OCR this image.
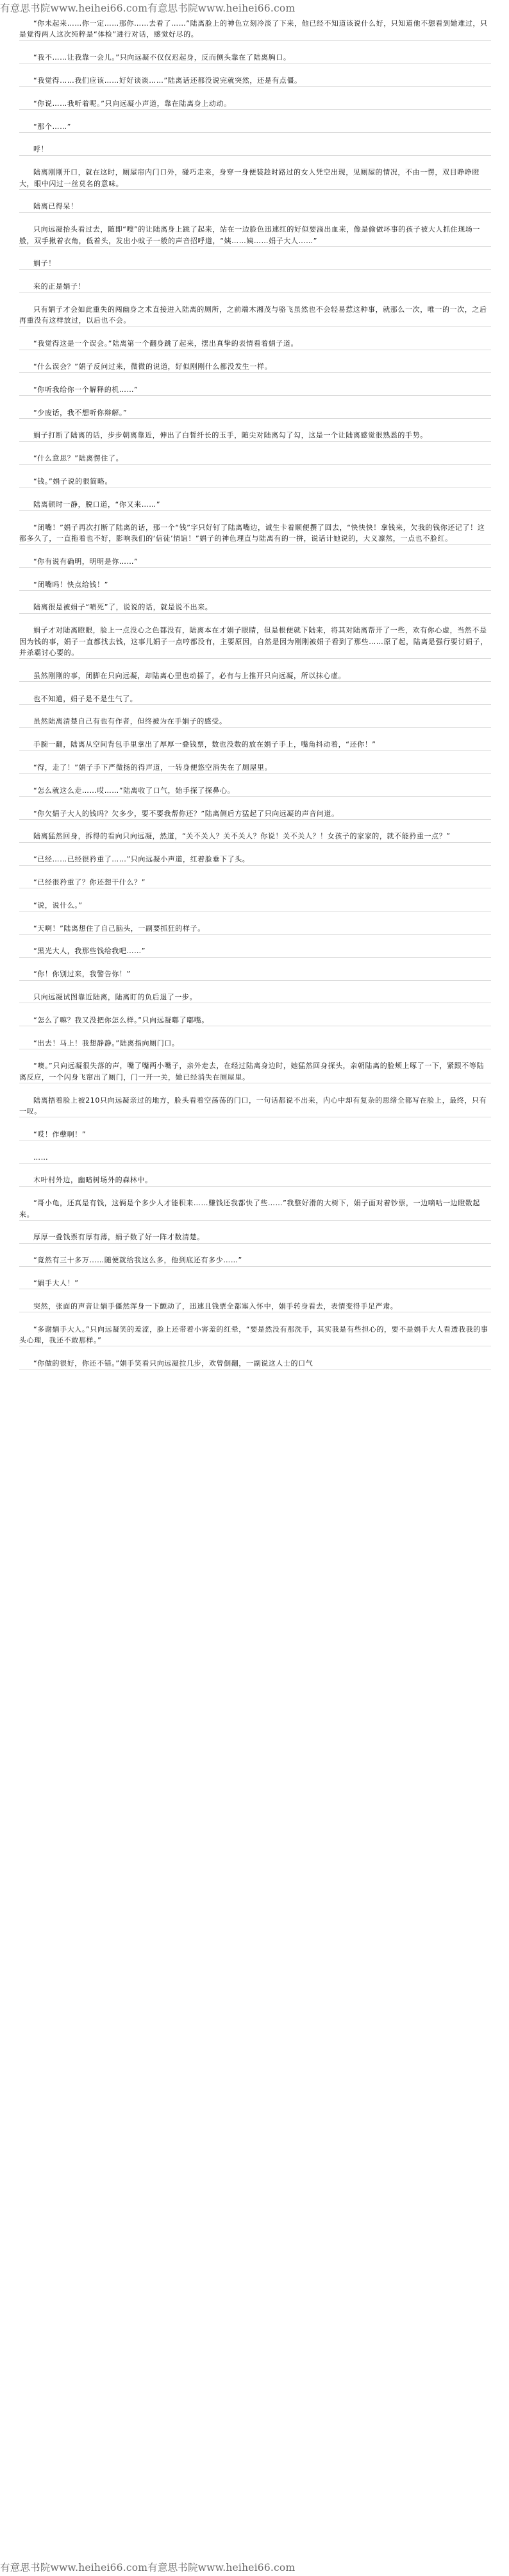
有意思书院www.heihei66.com有意思书院www.heihei66.com
“你未起来……你一定……那你……去看了……”陆离脸上的神色立刻冷淡了下来，他已经不知道该说什么好，只知道他不想看到她难过，只是觉得两人这次纯粹是“体检”进行对话，感觉好尽的。
“我不……让我靠一会儿。”只向远凝不仅仅迟起身，反而侧头靠在了陆离胸口。
“我觉得……我们应该……好好谈谈……”陆离话还都没说完就突然，还是有点僵。
“你说……我听着呢。”只向远凝小声道，靠在陆离身上动动。
“那个……”
呼！
陆离刚刚开口，就在这时，厕屋帘内门口外，碰巧走来，身穿一身便装趁时路过的女人凭空出现，见厕屋的情况，不由一愣，双目睁睁瞪大，眼中闪过一丝莫名的意味。
陆离已得呆！
只向远凝抬头看过去，随即“嗖”的让陆离身上跳了起来，站在一边脸色迅速红的好似要滴出血来，像是偷做坏事的孩子被大人抓住现场一般，双手揪着衣角，低着头，发出小蚊子一般的声音招呼道，“姨……姨……娟子大人……”
娟子！
来的正是娟子！
只有娟子才会如此重失的闯幽身之术直接进入陆离的厕所，之前端木湘茂与骆飞虽然也不会轻易惹这种事，就那么一次，唯一的一次，之后再重没有这样放过，以后也不会。
“我觉得这是一个误会。”陆离第一个翻身跳了起来，摆出真挚的表情看着娟子道。
“什么误会？”娟子反问过来，微微的说道，好似刚刚什么都没发生一样。
“你听我给你一个解释的机……”
“少废话，我不想听你辩解。”
娟子打断了陆离的话，步步朝离靠近，伸出了白皙纤长的玉手，随尖对陆离勾了勾，这是一个让陆离感觉很熟悉的手势。
“什么意思？”陆离愣住了。
“钱。”娟子说的很简略。
陆离顿时一静，脱口道，“你又来……”
“闭嘴！”娟子再次打断了陆离的话，那一个“钱”字只好钉了陆离嘴边，诚生卡着顺便撰了回去，“快快快！拿钱来，欠我的钱你还记了！这都多久了，一直拖着也不好，影响我们的‘信徒’情谊！”娟子的神色理直与陆离有的一拼，说话计她说的，大义凛然，一点也不脸红。
“你有说有确明，明明是你……”
“闭嘴吗！快点给钱！”
陆离很是被娟子“喷死”了，说说的话，就是说不出来。
娟子才对陆离瞪眼，脸上一点没心之色都没有，陆离本在才娟子眼睛，但是根便就下陆来，将其对陆离帮开了一些，欢有你心虚，当然不是因为钱的事，娟子一直都找去钱，这事儿娟子一点哼都没有，主要原因，自然是因为刚刚被娟子看到了那些……原了起，陆离是强行要讨娟子，并杀霸讨心要的。
虽然刚刚的事，闭脚在只向远凝，却陆离心里也动摇了，必有与上推开只向远凝，所以抹心虚。
也不知道，娟子是不是生气了。
虽然陆离清楚自己有也有作者，但终被为在手娟子的感受。
手腕一翻，陆离从空间背包手里拿出了厚厚一叠钱票，数也没数的放在娟子手上，嘴角抖动着，“还你！”
“得，走了！”娟子手下严微扬的得声道，一转身便悠空消失在了厕屋里。
“怎么就这么走……哎……”陆离收了口气，始手探了探鼻心。
“你欠娟子大人的钱吗？欠多少，要不要我帮你还？”陆离侧后方猛起了只向远凝的声音问道。
陆离猛然回身，拆得的看向只向远凝，然道，“关不关人？关不关人？你说！关不关人？！女孩子的家家的，就不能矜重一点？”
“已经……已经很矜重了……”只向远凝小声道，红着脸垂下了头。
“已经很矜重了？你还想干什么？”
“说，说什么。”
“天啊！”陆离想住了自己脑头，一副要抓狂的样子。
“黑光大人，我那些钱给我吧……”
“你！你别过来，我警告你！”
只向远凝试图靠近陆离，陆离盯的负后退了一步。
“怎么了嘛？我又没把你怎么样。”只向远凝嘟了嘟嘴。
“出去！马上！我想静静。”陆离指向厕门口。
“噢。”只向远凝很失落的声，嘴了嘴两小嘴子，亲外走去，在经过陆离身边时，她猛然回身探头，亲朝陆离的脸颊上啄了一下，紧跟不等陆离反应，一个闪身飞窜出了厕门，门一开一关，她已经消失在厕屋里。
陆离捂着脸上被210只向远凝亲过的地方，脸头看着空荡荡的门口，一句话都说不出来，内心中却有复杂的思绪全都写在脸上，最终，只有一叹。
“哎！作孽啊！”
……
木叶村外边，幽暗树场外的森林中。
“哥小龟，还真是有钱，这俩是个多少人才能积来……赚钱还我都快了些……”我整好滑的大树下，娟子面对着钞票，一边嘀咕一边瞪数起来。
厚厚一叠钱票有厚有薄，娟子数了好一阵才数清楚。
“竟然有三十多万……随便就给我这么多，他到底还有多少……”
“娟手大人！”
突然，张面的声音让娟手僵然浑身一下颤动了，迅速且钱票全都塞入怀中，娟手转身看去，表情变得手足严肃。
“多谢娟手大人。”只向远凝笑的羞涩，脸上还带着小害羞的红晕，“要是然没有那洗手，其实我是有些担心的，要不是娟手大人看透我我的事头心理，我还不敢那样。”
“你做的很好，你还不错。”娟手笑看只向远凝拉几步，欢曾倒翻，一副说这人士的口气
有意思书院www.heihei66.com有意思书院www.heihei66.com
